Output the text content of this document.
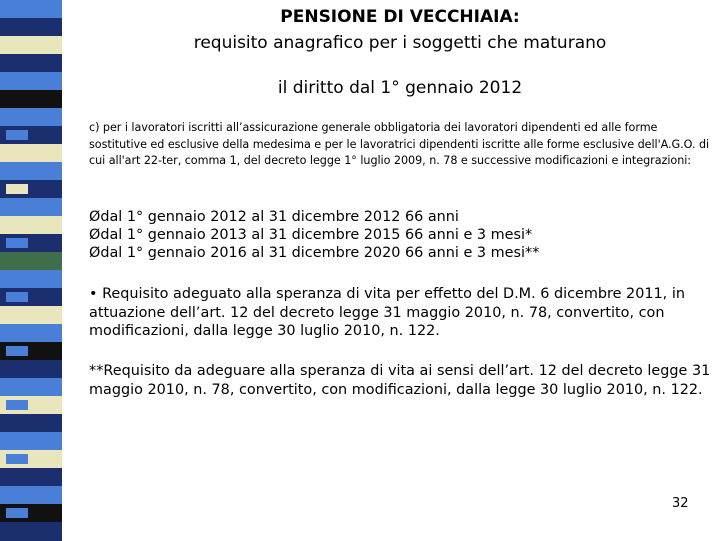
PENSIONE DI VECCHIAIA:
requisito anagrafico per i soggetti che maturano
il diritto dal 1° gennaio 2012

c) per i lavoratori iscritti all’assicurazione generale obbligatoria dei lavoratori dipendenti ed alle forme sostitutive ed esclusive della medesima e per le lavoratrici dipendenti iscritte alle forme esclusive dell'A.G.O. di cui all'art 22-ter, comma 1, del decreto legge 1° luglio 2009, n. 78 e successive modificazioni e integrazioni:

Ødal 1° gennaio 2012 al 31 dicembre 2012 66 anni
Ødal 1° gennaio 2013 al 31 dicembre 2015 66 anni e 3 mesi*
Ødal 1° gennaio 2016 al 31 dicembre 2020 66 anni e 3 mesi**

• Requisito adeguato alla speranza di vita per effetto del D.M. 6 dicembre 2011, in attuazione dell’art. 12 del decreto legge 31 maggio 2010, n. 78, convertito, con modificazioni, dalla legge 30 luglio 2010, n. 122.

**Requisito da adeguare alla speranza di vita ai sensi dell’art. 12 del decreto legge 31 maggio 2010, n. 78, convertito, con modificazioni, dalla legge 30 luglio 2010, n. 122.

32
